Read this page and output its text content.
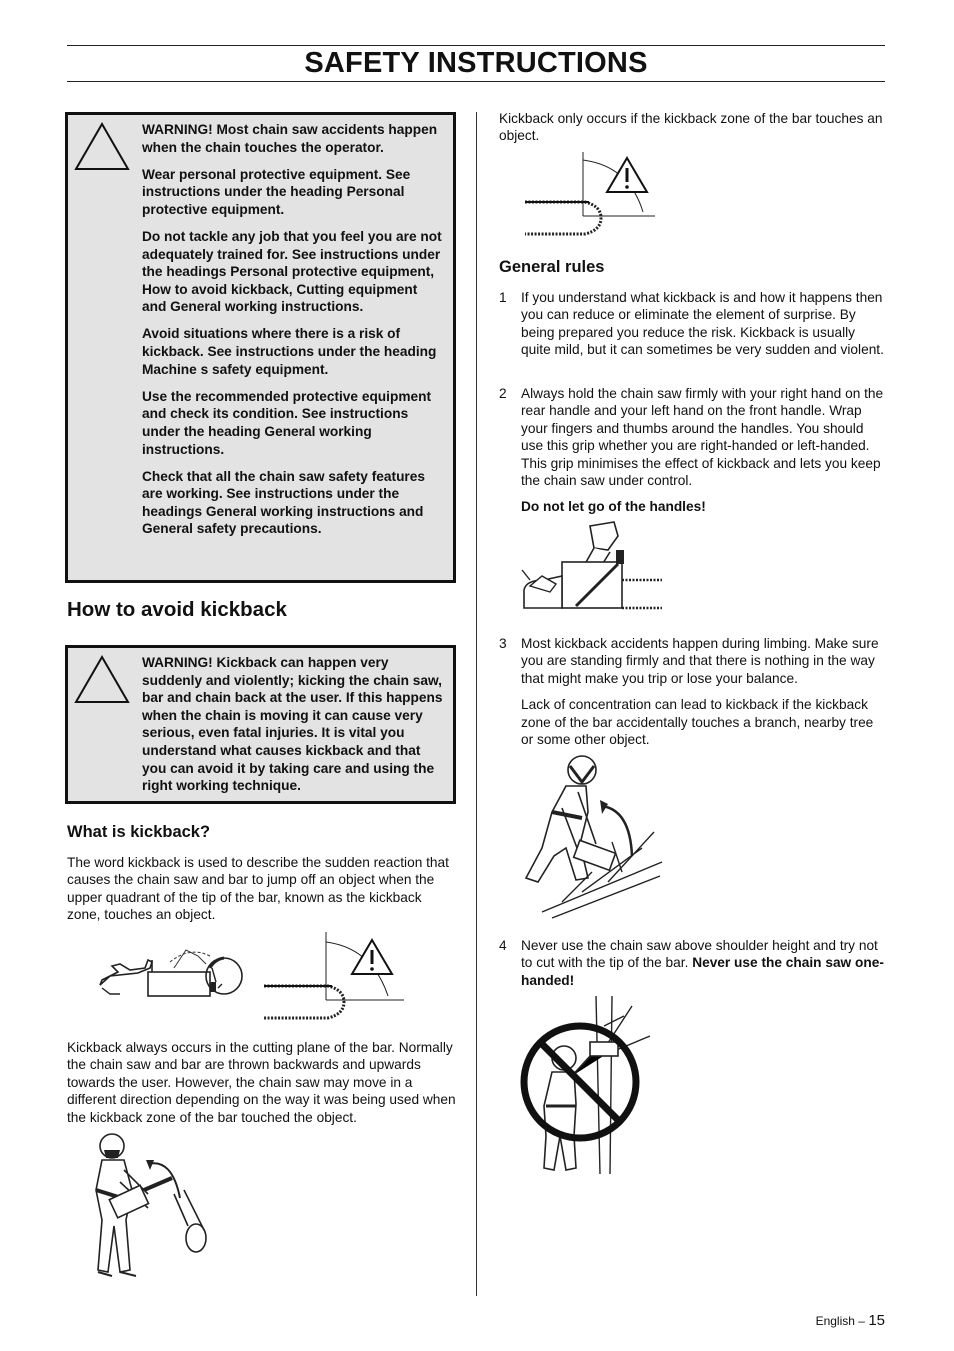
SAFETY INSTRUCTIONS

WARNING! Most chain saw accidents happen when the chain touches the operator.

Wear personal protective equipment. See instructions under the heading Personal protective equipment.

Do not tackle any job that you feel you are not adequately trained for. See instructions under the headings Personal protective equipment, How to avoid kickback, Cutting equipment and General working instructions.

Avoid situations where there is a risk of kickback. See instructions under the heading Machine s safety equipment.

Use the recommended protective equipment and check its condition. See instructions under the heading General working instructions.

Check that all the chain saw safety features are working. See instructions under the headings General working instructions and General safety precautions.

How to avoid kickback

WARNING! Kickback can happen very suddenly and violently; kicking the chain saw, bar and chain back at the user. If this happens when the chain is moving it can cause very serious, even fatal injuries. It is vital you understand what causes kickback and that you can avoid it by taking care and using the right working technique.

What is kickback?

The word kickback is used to describe the sudden reaction that causes the chain saw and bar to jump off an object when the upper quadrant of the tip of the bar, known as the kickback zone, touches an object.

Kickback always occurs in the cutting plane of the bar. Normally the chain saw and bar are thrown backwards and upwards towards the user. However, the chain saw may move in a different direction depending on the way it was being used when the kickback zone of the bar touched the object.

Kickback only occurs if the kickback zone of the bar touches an object.

General rules
1 If you understand what kickback is and how it happens then you can reduce or eliminate the element of surprise. By being prepared you reduce the risk. Kickback is usually quite mild, but it can sometimes be very sudden and violent.

2 Always hold the chain saw firmly with your right hand on the rear handle and your left hand on the front handle. Wrap your fingers and thumbs around the handles. You should use this grip whether you are right-handed or left-handed. This grip minimises the effect of kickback and lets you keep the chain saw under control.

Do not let go of the handles!

3 Most kickback accidents happen during limbing. Make sure you are standing firmly and that there is nothing in the way that might make you trip or lose your balance.

Lack of concentration can lead to kickback if the kickback zone of the bar accidentally touches a branch, nearby tree or some other object.

4 Never use the chain saw above shoulder height and try not to cut with the tip of the bar. Never use the chain saw one-handed!

English – 15
